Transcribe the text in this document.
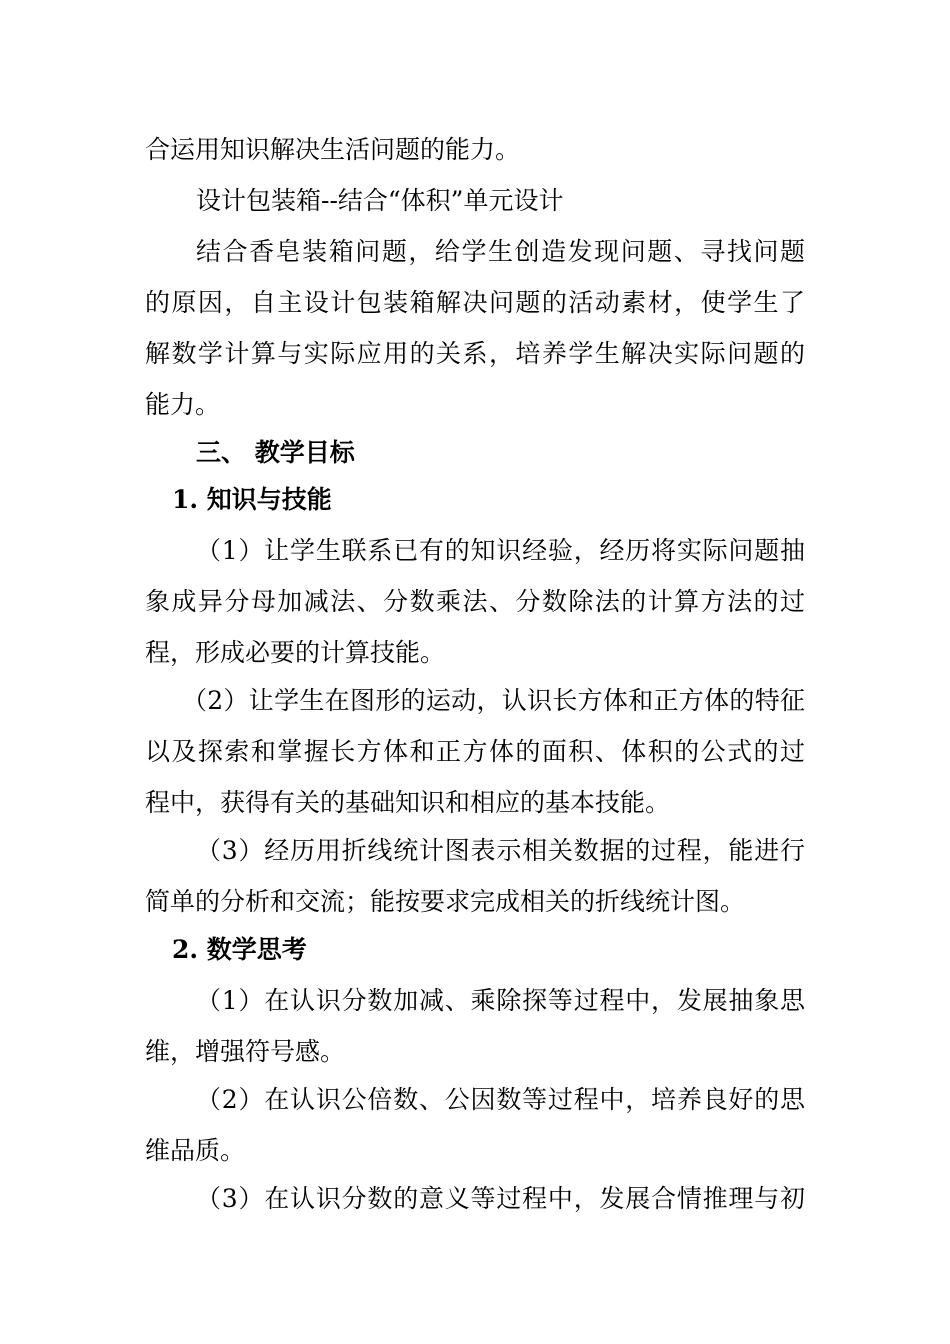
合运用知识解决生活问题的能力。
设计包装箱--结合“体积”单元设计
结合香皂装箱问题，给学生创造发现问题、寻找问题
的原因，自主设计包装箱解决问题的活动素材，使学生了
解数学计算与实际应用的关系，培养学生解决实际问题的
能力。
三、 教学目标
1. 知识与技能
（1）让学生联系已有的知识经验，经历将实际问题抽
象成异分母加减法、分数乘法、分数除法的计算方法的过
程，形成必要的计算技能。
（2）让学生在图形的运动，认识长方体和正方体的特征
以及探索和掌握长方体和正方体的面积、体积的公式的过
程中，获得有关的基础知识和相应的基本技能。
（3）经历用折线统计图表示相关数据的过程，能进行
简单的分析和交流；能按要求完成相关的折线统计图。
2. 数学思考
（1）在认识分数加减、乘除探等过程中，发展抽象思
维，增强符号感。
（2）在认识公倍数、公因数等过程中，培养良好的思
维品质。
（3）在认识分数的意义等过程中，发展合情推理与初
